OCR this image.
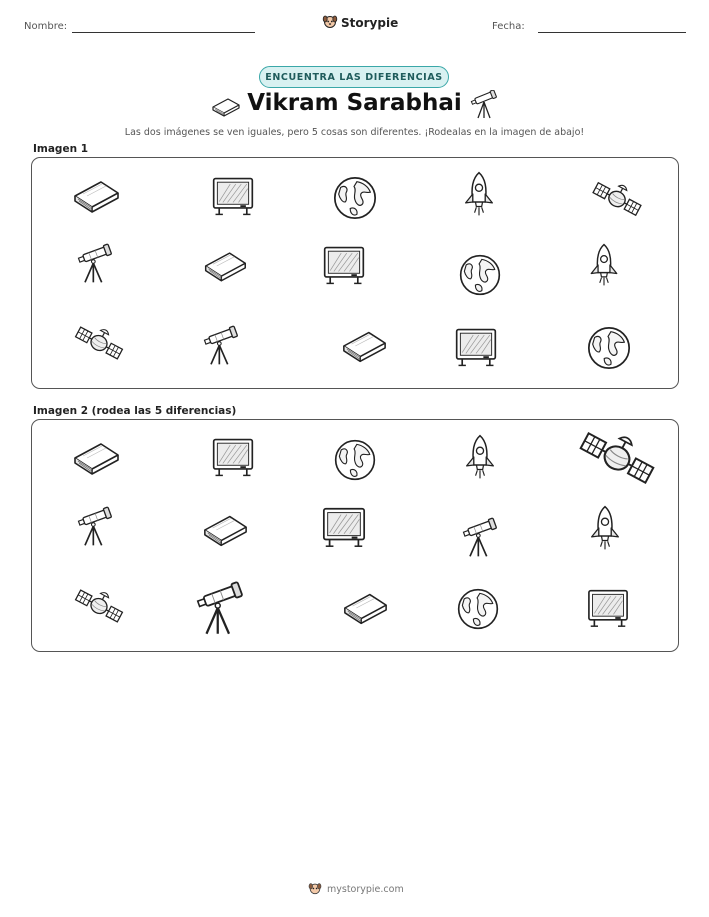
Nombre:	Storypie	Fecha:
ENCUENTRA LAS DIFERENCIAS
Vikram Sarabhai
Las dos imágenes se ven iguales, pero 5 cosas son diferentes. ¡Rodealas en la imagen de abajo!
Imagen 1
Imagen 2 (rodea las 5 diferencias)
mystorypie.com
